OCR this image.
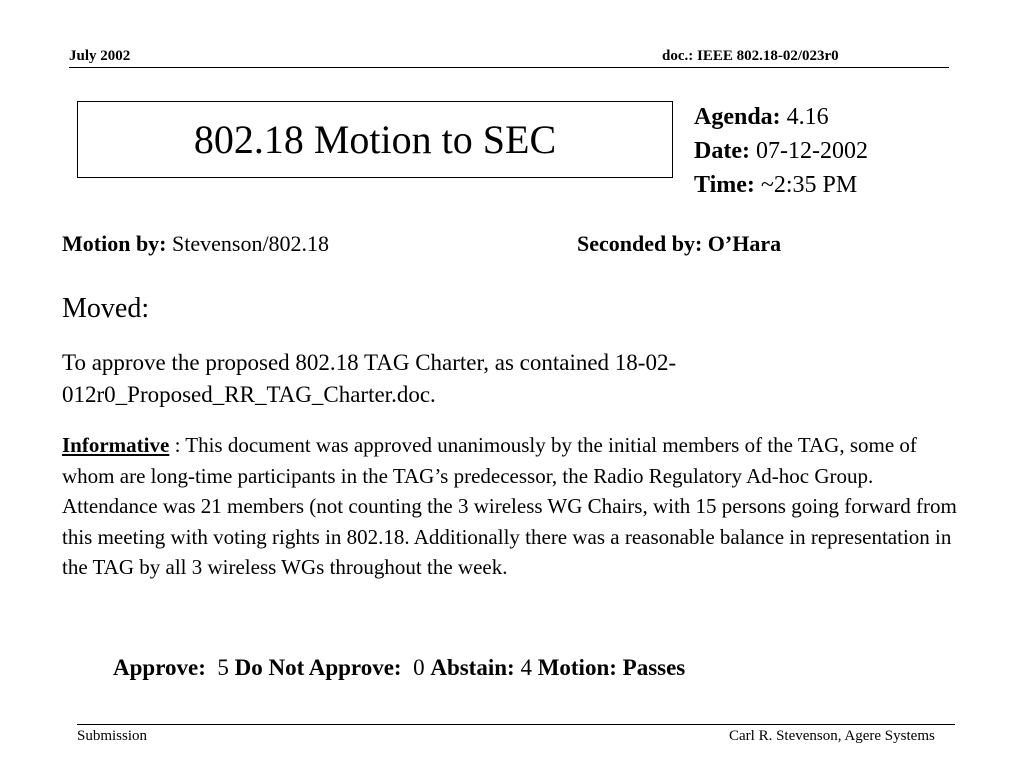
July 2002	doc.: IEEE 802.18-02/023r0
802.18 Motion to SEC	Agenda: 4.16
Date: 07-12-2002
Time: ~2:35 PM
Motion by: Stevenson/802.18	Seconded by: O’Hara
Moved:
To approve the proposed 802.18 TAG Charter, as contained 18-02-012r0_Proposed_RR_TAG_Charter.doc.
Informative : This document was approved unanimously by the initial members of the TAG, some of whom are long-time participants in the TAG’s predecessor, the Radio Regulatory Ad-hoc Group. Attendance was 21 members (not counting the 3 wireless WG Chairs, with 15 persons going forward from this meeting with voting rights in 802.18. Additionally there was a reasonable balance in representation in the TAG by all 3 wireless WGs throughout the week.
Approve:  5 Do Not Approve:  0 Abstain: 4 Motion: Passes
Submission	Carl R. Stevenson, Agere Systems
